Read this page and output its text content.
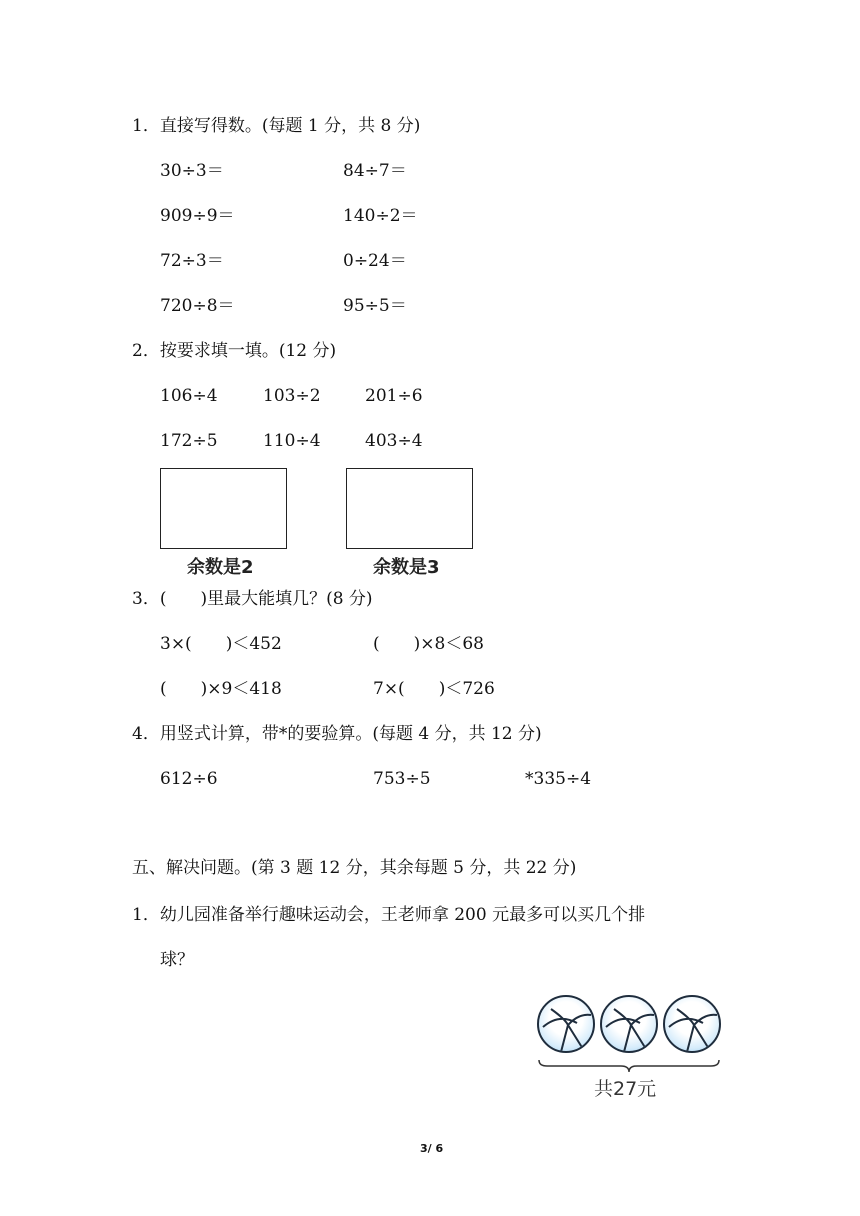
1．直接写得数。(每题 1 分，共 8 分)
30÷3＝	84÷7＝
909÷9＝	140÷2＝
72÷3＝	0÷24＝
720÷8＝	95÷5＝
2．按要求填一填。(12 分)
106÷4	103÷2	201÷6
172÷5	110÷4	403÷4
余数是2	余数是3
3．(　　)里最大能填几？(8 分)
3×(　　)＜452	(　　)×8＜68
(　　)×9＜418	7×(　　)＜726
4．用竖式计算，带*的要验算。(每题 4 分，共 12 分)
612÷6	753÷5	*335÷4
五、解决问题。(第 3 题 12 分，其余每题 5 分，共 22 分)
1．幼儿园准备举行趣味运动会，王老师拿 200 元最多可以买几个排
球？
共27元
3/ 6
